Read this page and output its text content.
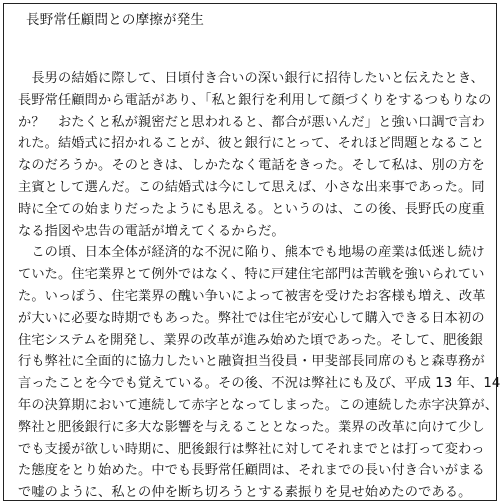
長野常任顧問との摩擦が発生
　長男の結婚に際して、日頃付き合いの深い銀行に招待したいと伝えたとき、
長野常任顧問から電話があり、「私と銀行を利用して顔づくりをするつもりなの
か？　おたくと私が親密だと思われると、都合が悪いんだ」と強い口調で言わ
れた。結婚式に招かれることが、彼と銀行にとって、それほど問題となること
なのだろうか。そのときは、しかたなく電話をきった。そして私は、別の方を
主賓として選んだ。この結婚式は今にして思えば、小さな出来事であった。同
時に全ての始まりだったようにも思える。というのは、この後、長野氏の度重
なる指図や忠告の電話が増えてくるからだ。
　この頃、日本全体が経済的な不況に陥り、熊本でも地場の産業は低迷し続け
ていた。住宅業界とて例外ではなく、特に戸建住宅部門は苦戦を強いられてい
た。いっぽう、住宅業界の醜い争いによって被害を受けたお客様も増え、改革
が大いに必要な時期でもあった。弊社では住宅が安心して購入できる日本初の
住宅システムを開発し、業界の改革が進み始めた頃であった。そして、肥後銀
行も弊社に全面的に協力したいと融資担当役員・甲斐部長同席のもと森専務が
言ったことを今でも覚えている。その後、不況は弊社にも及び、平成 13 年、14
年の決算期において連続して赤字となってしまった。この連続した赤字決算が、
弊社と肥後銀行に多大な影響を与えることとなった。業界の改革に向けて少し
でも支援が欲しい時期に、肥後銀行は弊社に対してそれまでとは打って変わっ
た態度をとり始めた。中でも長野常任顧問は、それまでの長い付き合いがまる
で嘘のように、私との仲を断ち切ろうとする素振りを見せ始めたのである。
